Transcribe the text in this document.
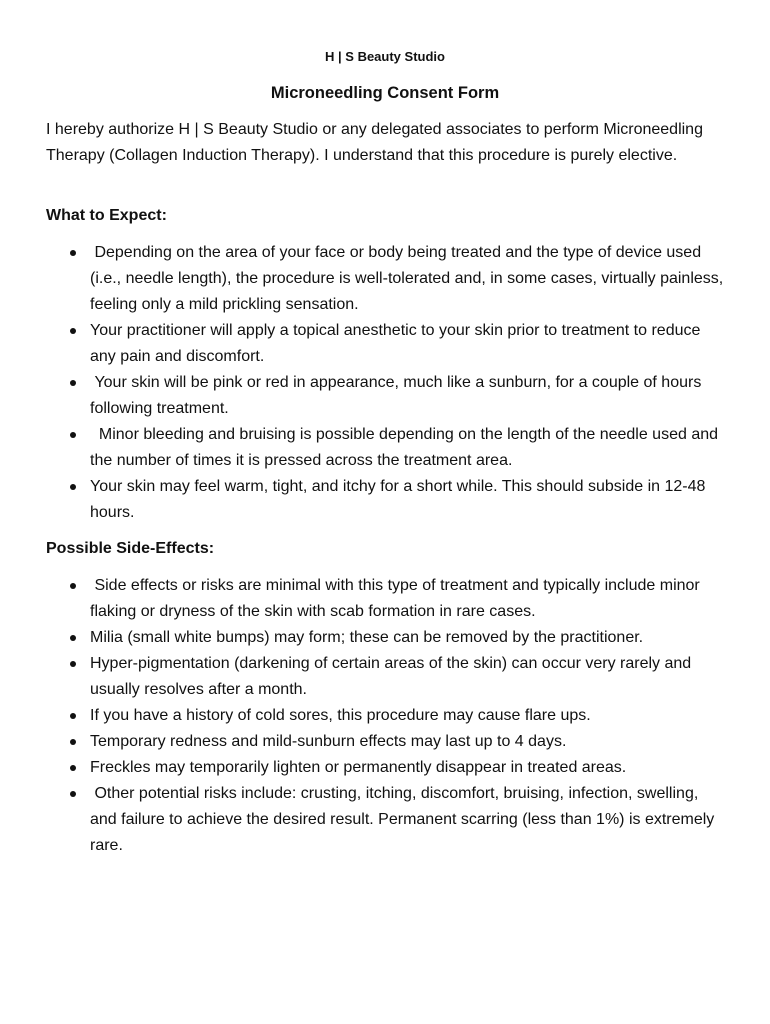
H | S Beauty Studio

Microneedling Consent Form

I hereby authorize H | S Beauty Studio or any delegated associates to perform Microneedling Therapy (Collagen Induction Therapy). I understand that this procedure is purely elective.

What to Expect:

Depending on the area of your face or body being treated and the type of device used (i.e., needle length), the procedure is well-tolerated and, in some cases, virtually painless, feeling only a mild prickling sensation.
Your practitioner will apply a topical anesthetic to your skin prior to treatment to reduce any pain and discomfort.
Your skin will be pink or red in appearance, much like a sunburn, for a couple of hours following treatment.
Minor bleeding and bruising is possible depending on the length of the needle used and the number of times it is pressed across the treatment area.
Your skin may feel warm, tight, and itchy for a short while. This should subside in 12-48 hours.

Possible Side-Effects:

Side effects or risks are minimal with this type of treatment and typically include minor flaking or dryness of the skin with scab formation in rare cases.
Milia (small white bumps) may form; these can be removed by the practitioner.
Hyper-pigmentation (darkening of certain areas of the skin) can occur very rarely and usually resolves after a month.
If you have a history of cold sores, this procedure may cause flare ups.
Temporary redness and mild-sunburn effects may last up to 4 days.
Freckles may temporarily lighten or permanently disappear in treated areas.
Other potential risks include: crusting, itching, discomfort, bruising, infection, swelling, and failure to achieve the desired result. Permanent scarring (less than 1%) is extremely rare.
